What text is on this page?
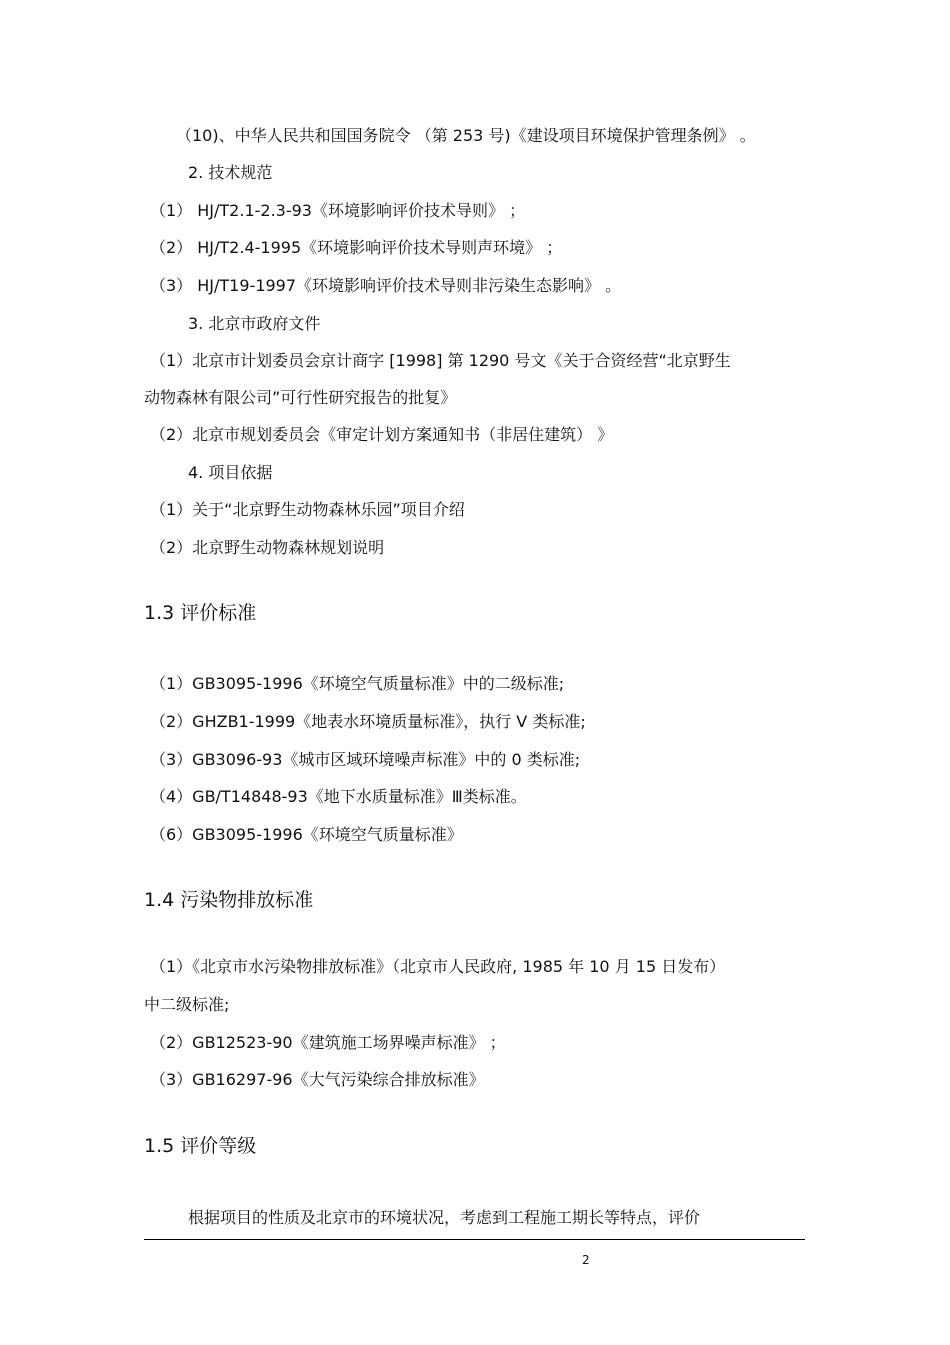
（10)、中华人民共和国国务院令 （第 253 号)《建设项目环境保护管理条例》 。
2. 技术规范
（1） HJ/T2.1-2.3-93《环境影响评价技术导则》 ；
（2） HJ/T2.4-1995《环境影响评价技术导则声环境》 ；
（3） HJ/T19-1997《环境影响评价技术导则非污染生态影响》 。
3. 北京市政府文件
（1）北京市计划委员会京计商字 [1998] 第 1290 号文《关于合资经营“北京野生
动物森林有限公司”可行性研究报告的批复》
（2）北京市规划委员会《审定计划方案通知书（非居住建筑） 》
4. 项目依据
（1）关于“北京野生动物森林乐园”项目介绍
（2）北京野生动物森林规划说明
1.3 评价标准
（1）GB3095-1996《环境空气质量标准》中的二级标准;
（2）GHZB1-1999《地表水环境质量标准》，执行 V 类标准;
（3）GB3096-93《城市区域环境噪声标准》中的 0 类标准;
（4）GB/T14848-93《地下水质量标准》Ⅲ类标准。
（6）GB3095-1996《环境空气质量标准》
1.4 污染物排放标准
（1）《北京市水污染物排放标准》（北京市人民政府, 1985 年 10 月 15 日发布）
中二级标准;
（2）GB12523-90《建筑施工场界噪声标准》 ；
（3）GB16297-96《大气污染综合排放标准》
1.5 评价等级
根据项目的性质及北京市的环境状况，考虑到工程施工期长等特点，评价
2
